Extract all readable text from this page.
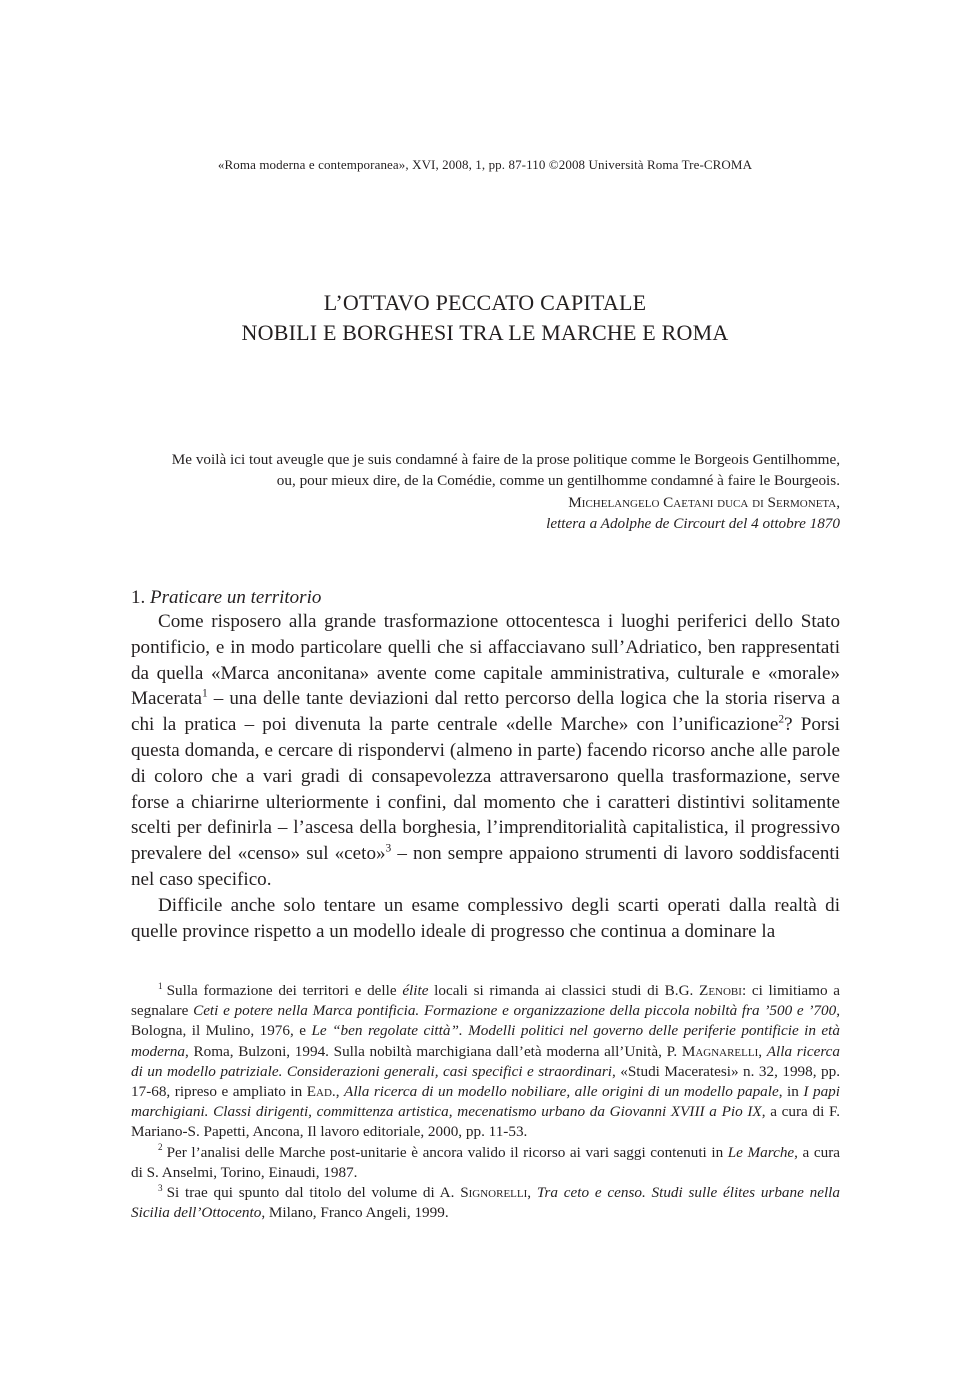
«Roma moderna e contemporanea», XVI, 2008, 1, pp. 87-110 ©2008 Università Roma Tre-CROMA
L’OTTAVO PECCATO CAPITALE
NOBILI E BORGHESI TRA LE MARCHE E ROMA
Me voilà ici tout aveugle que je suis condamné à faire de la prose politique comme le Borgeois Gentilhomme, ou, pour mieux dire, de la Comédie, comme un gentilhomme condamné à faire le Bourgeois.
Michelangelo Caetani duca di Sermoneta,
lettera a Adolphe de Circourt del 4 ottobre 1870
1. Praticare un territorio

Come risposero alla grande trasformazione ottocentesca i luoghi periferici dello Stato pontificio, e in modo particolare quelli che si affacciavano sull’Adriatico, ben rappresentati da quella «Marca anconitana» avente come capitale amministrativa, culturale e «morale» Macerata$^1$ – una delle tante deviazioni dal retto percorso della logica che la storia riserva a chi la pratica – poi divenuta la parte centrale «delle Marche» con l’unificazione$^2$? Porsi questa domanda, e cercare di rispondervi (almeno in parte) facendo ricorso anche alle parole di coloro che a vari gradi di consapevolezza attraversarono quella trasformazione, serve forse a chiarirne ulteriormente i confini, dal momento che i caratteri distintivi solitamente scelti per definirla – l’ascesa della borghesia, l’imprenditorialità capitalistica, il progressivo prevalere del «censo» sul «ceto»$^3$ – non sempre appaiono strumenti di lavoro soddisfacenti nel caso specifico.

Difficile anche solo tentare un esame complessivo degli scarti operati dalla realtà di quelle province rispetto a un modello ideale di progresso che continua a dominare la

$^1$ Sulla formazione dei territori e delle élite locali si rimanda ai classici studi di B.G. Zenobi: ci limitiamo a segnalare Ceti e potere nella Marca pontificia. Formazione e organizzazione della piccola nobiltà fra ’500 e ’700, Bologna, il Mulino, 1976, e Le “ben regolate città”. Modelli politici nel governo delle periferie pontificie in età moderna, Roma, Bulzoni, 1994. Sulla nobiltà marchigiana dall’età moderna all’Unità, P. Magnarelli, Alla ricerca di un modello patriziale. Considerazioni generali, casi specifici e straordinari, «Studi Maceratesi» n. 32, 1998, pp. 17-68, ripreso e ampliato in Ead., Alla ricerca di un modello nobiliare, alle origini di un modello papale, in I papi marchigiani. Classi dirigenti, committenza artistica, mecenatismo urbano da Giovanni XVIII a Pio IX, a cura di F. Mariano-S. Papetti, Ancona, Il lavoro editoriale, 2000, pp. 11-53.

$^2$ Per l’analisi delle Marche post-unitarie è ancora valido il ricorso ai vari saggi contenuti in Le Marche, a cura di S. Anselmi, Torino, Einaudi, 1987.

$^3$ Si trae qui spunto dal titolo del volume di A. Signorelli, Tra ceto e censo. Studi sulle élites urbane nella Sicilia dell’Ottocento, Milano, Franco Angeli, 1999.
